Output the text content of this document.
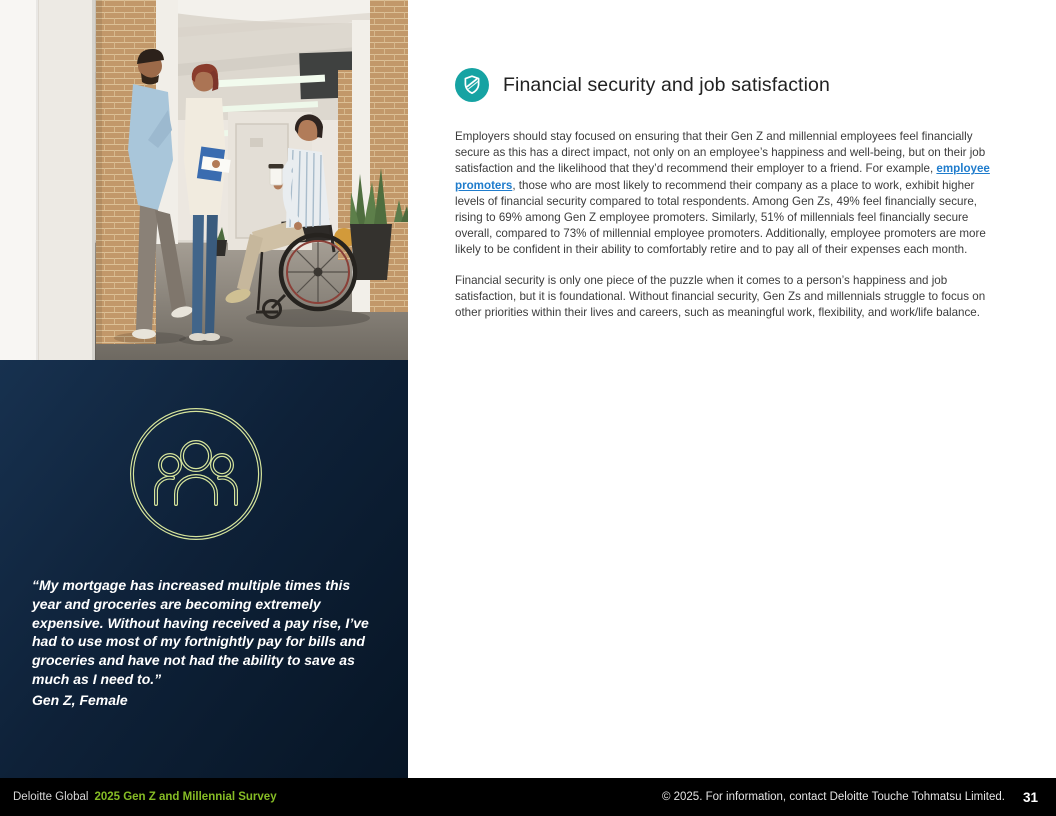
“My mortgage has increased multiple times this year and groceries are becoming extremely expensive. Without having received a pay rise, I’ve had to use most of my fortnightly pay for bills and groceries and have not had the ability to save as much as I need to.”
Gen Z, Female
Financial security and job satisfaction

Employers should stay focused on ensuring that their Gen Z and millennial employees feel financially secure as this has a direct impact, not only on an employee’s happiness and well-being, but on their job satisfaction and the likelihood that they’d recommend their employer to a friend. For example, employee promoters, those who are most likely to recommend their company as a place to work, exhibit higher levels of financial security compared to total respondents. Among Gen Zs, 49% feel financially secure, rising to 69% among Gen Z employee promoters. Similarly, 51% of millennials feel financially secure overall, compared to 73% of millennial employee promoters. Additionally, employee promoters are more likely to be confident in their ability to comfortably retire and to pay all of their expenses each month.

Financial security is only one piece of the puzzle when it comes to a person’s happiness and job satisfaction, but it is foundational. Without financial security, Gen Zs and millennials struggle to focus on other priorities within their lives and careers, such as meaningful work, flexibility, and work/life balance.

Deloitte Global 2025 Gen Z and Millennial Survey	© 2025. For information, contact Deloitte Touche Tohmatsu Limited. 31
